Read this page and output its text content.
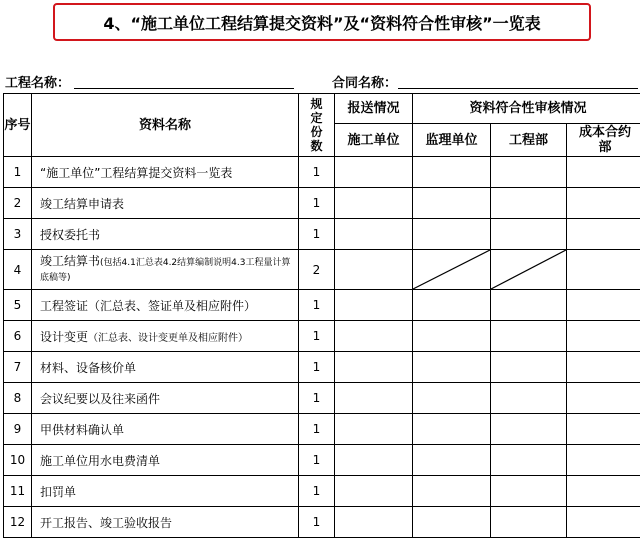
4、“施工单位工程结算提交资料”及“资料符合性审核”一览表
工程名称：	合同名称：
序号	资料名称	规定份数	报送情况	资料符合性审核情况		
			施工单位	监理单位	工程部	成本合约部
1	“施工单位”工程结算提交资料一览表	1				
2	竣工结算申请表	1				
3	授权委托书	1				
4	竣工结算书(包括4.1汇总表4.2结算编制说明4.3工程量计算底稿等)	2		

5	工程签证（汇总表、签证单及相应附件）	1				
6	设计变更（汇总表、设计变更单及相应附件）	1				
7	材料、设备核价单	1				
8	会议纪要以及往来函件	1				
9	甲供材料确认单	1				
10	施工单位用水电费清单	1				
11	扣罚单	1				
12	开工报告、竣工验收报告	1				
